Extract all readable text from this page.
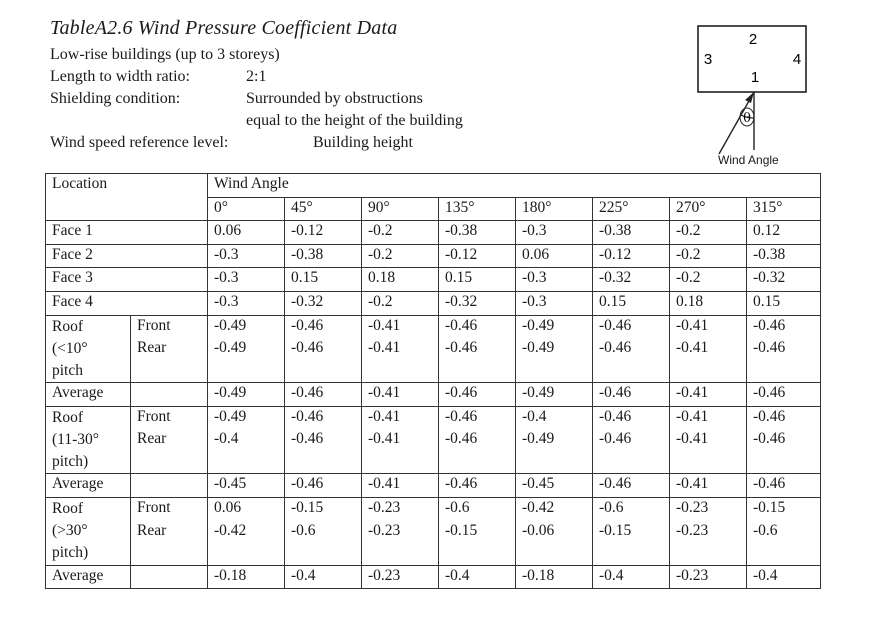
TableA2.6 Wind Pressure Coefficient Data
Low-rise buildings (up to 3 storeys)
Length to width ratio:	2:1
Shielding condition:	Surrounded by obstructions
equal to the height of the building
Wind speed reference level:	Building height
2
3	4
1
θ
Wind Angle
Location		Wind Angle							
		0°	45°	90°	135°	180°	225°	270°	315°
Face 1		0.06	-0.12	-0.2	-0.38	-0.3	-0.38	-0.2	0.12
Face 2		-0.3	-0.38	-0.2	-0.12	0.06	-0.12	-0.2	-0.38
Face 3		-0.3	0.15	0.18	0.15	-0.3	-0.32	-0.2	-0.32
Face 4		-0.3	-0.32	-0.2	-0.32	-0.3	0.15	0.18	0.15
Roof
(<10°
pitch	Front	-0.49	-0.46	-0.41	-0.46	-0.49	-0.46	-0.41	-0.46
	Rear	-0.49	-0.46	-0.41	-0.46	-0.49	-0.46	-0.41	-0.46
Average		-0.49	-0.46	-0.41	-0.46	-0.49	-0.46	-0.41	-0.46
Roof
(11-30°
pitch)	Front	-0.49	-0.46	-0.41	-0.46	-0.4	-0.46	-0.41	-0.46
	Rear	-0.4	-0.46	-0.41	-0.46	-0.49	-0.46	-0.41	-0.46
Average		-0.45	-0.46	-0.41	-0.46	-0.45	-0.46	-0.41	-0.46
Roof
(>30°
pitch)	Front	0.06	-0.15	-0.23	-0.6	-0.42	-0.6	-0.23	-0.15
	Rear	-0.42	-0.6	-0.23	-0.15	-0.06	-0.15	-0.23	-0.6
Average		-0.18	-0.4	-0.23	-0.4	-0.18	-0.4	-0.23	-0.4
